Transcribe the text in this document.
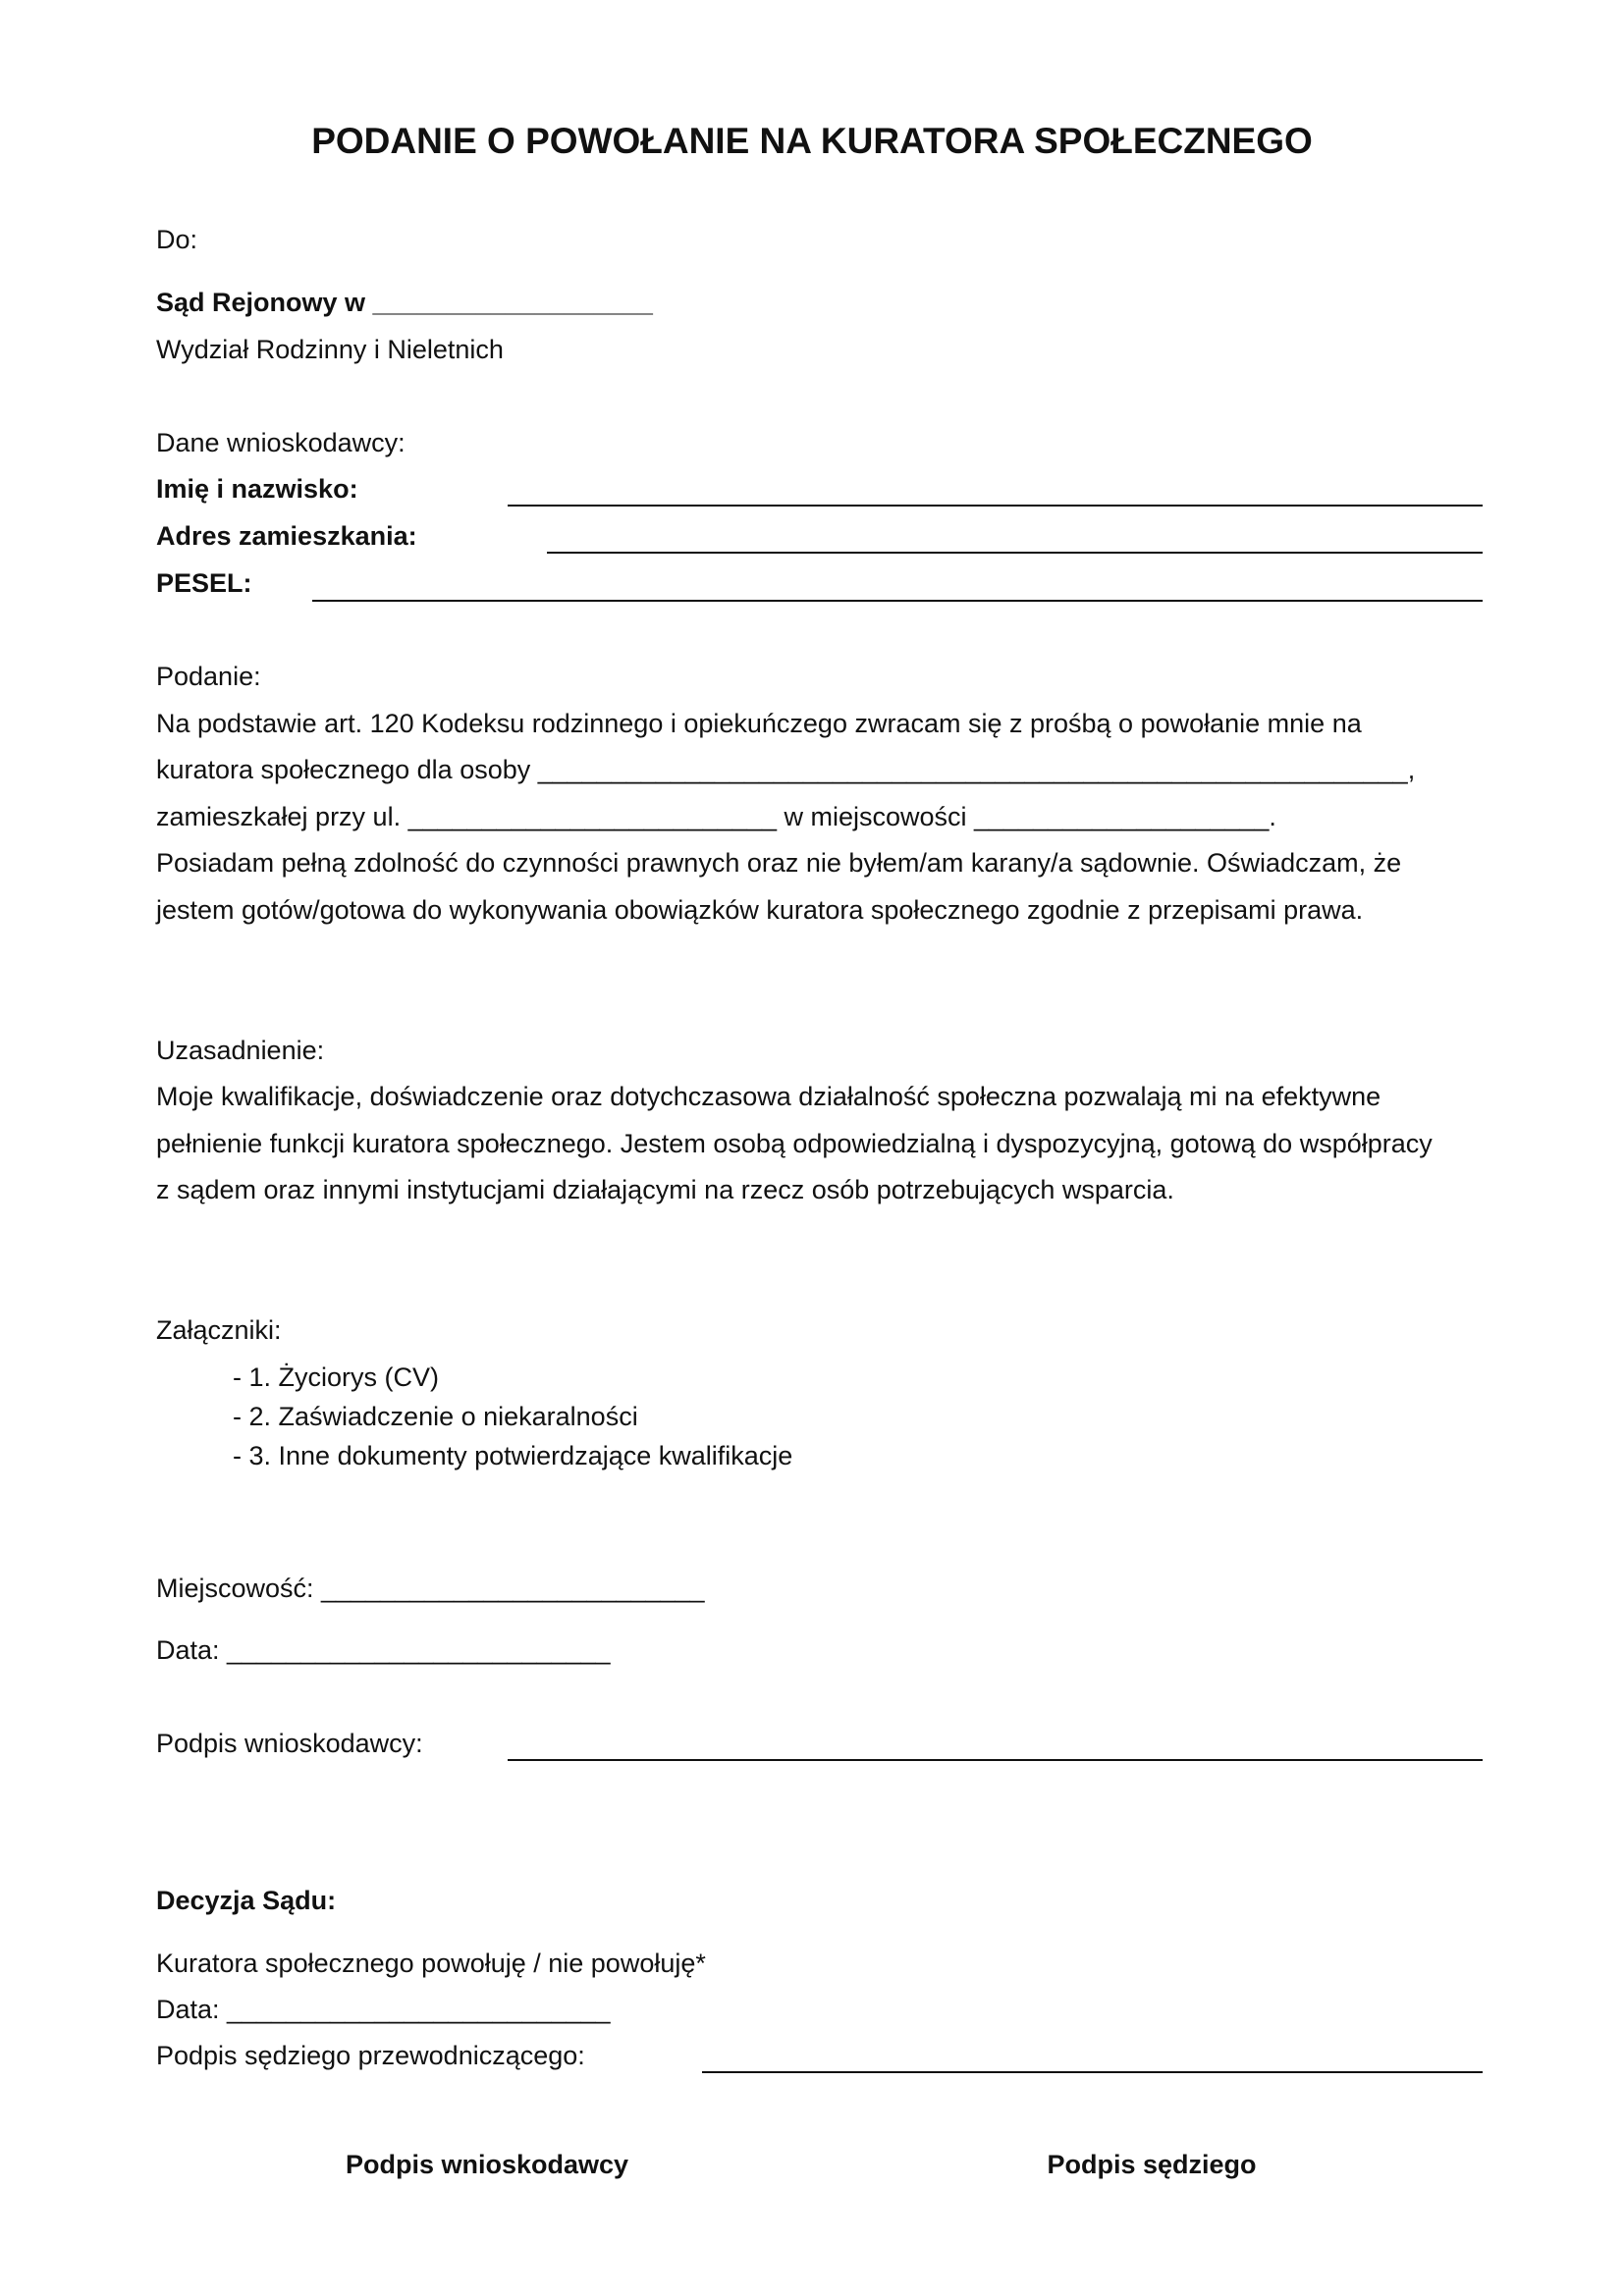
PODANIE O POWOŁANIE NA KURATORA SPOŁECZNEGO
Do:
Sąd Rejonowy w ___________________
Wydział Rodzinny i Nieletnich
Dane wnioskodawcy:
Imię i nazwisko:
Adres zamieszkania:
PESEL:
Podanie:
Na podstawie art. 120 Kodeksu rodzinnego i opiekuńczego zwracam się z prośbą o powołanie mnie na
kuratora społecznego dla osoby ___________________________________________________________,
zamieszkałej przy ul. _________________________ w miejscowości ____________________.
Posiadam pełną zdolność do czynności prawnych oraz nie byłem/am karany/a sądownie. Oświadczam, że
jestem gotów/gotowa do wykonywania obowiązków kuratora społecznego zgodnie z przepisami prawa.
Uzasadnienie:
Moje kwalifikacje, doświadczenie oraz dotychczasowa działalność społeczna pozwalają mi na efektywne
pełnienie funkcji kuratora społecznego. Jestem osobą odpowiedzialną i dyspozycyjną, gotową do współpracy
z sądem oraz innymi instytucjami działającymi na rzecz osób potrzebujących wsparcia.
Załączniki:
- 1. Życiorys (CV)
- 2. Zaświadczenie o niekaralności
- 3. Inne dokumenty potwierdzające kwalifikacje
Miejscowość: __________________________
Data: __________________________
Podpis wnioskodawcy:
Decyzja Sądu:
Kuratora społecznego powołuję / nie powołuję*
Data: __________________________
Podpis sędziego przewodniczącego:
Podpis wnioskodawcy	Podpis sędziego
